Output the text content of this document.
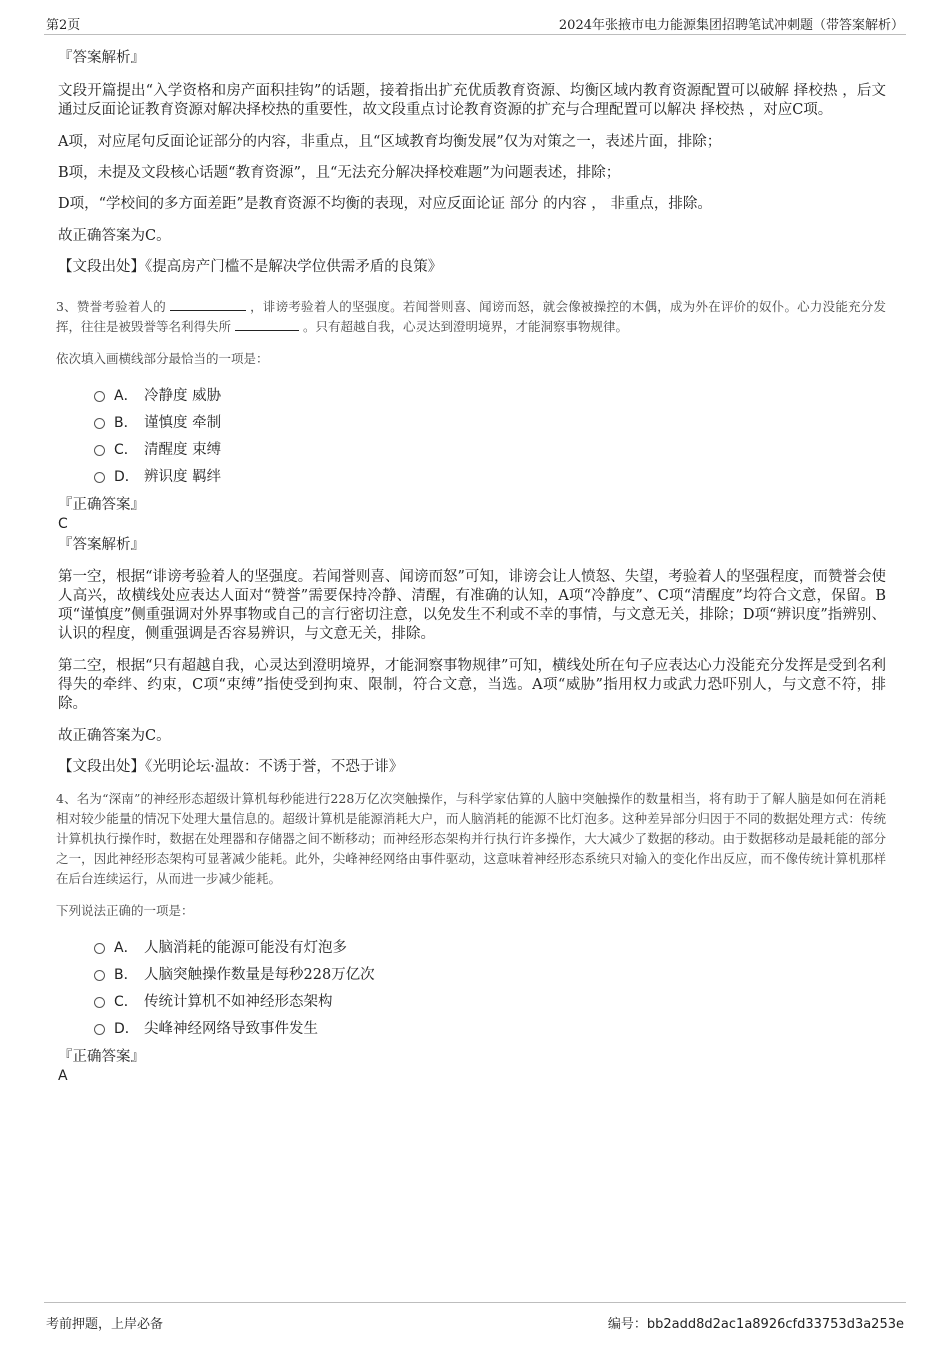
第2页	2024年张掖市电力能源集团招聘笔试冲刺题（带答案解析）
『答案解析』

文段开篇提出“入学资格和房产面积挂钩”的话题，接着指出扩充优质教育资源、均衡区域内教育资源配置可以破解 择校热 ，后文通过反面论证教育资源对解决择校热的重要性，故文段重点讨论教育资源的扩充与合理配置可以解决 择校热 ，对应C项。

A项，对应尾句反面论证部分的内容，非重点，且“区域教育均衡发展”仅为对策之一，表述片面，排除；

B项，未提及文段核心话题“教育资源”，且“无法充分解决择校难题”为问题表述，排除；

D项，“学校间的多方面差距”是教育资源不均衡的表现，对应反面论证 部分 的内容 ， 非重点，排除。

故正确答案为C。

【文段出处】《提高房产门槛不是解决学位供需矛盾的良策》

3、赞誉考验着人的	，诽谤考验着人的坚强度。若闻誉则喜、闻谤而怒，就会像被操控的木偶，成为外在评价的奴仆。心力没能充分发挥，往往是被毁誉等名利得失所	。只有超越自我，心灵达到澄明境界，才能洞察事物规律。

依次填入画横线部分最恰当的一项是：

A． 冷静度 威胁
B． 谨慎度 牵制
C． 清醒度 束缚
D． 辨识度 羁绊
『正确答案』
C
『答案解析』

第一空，根据“诽谤考验着人的坚强度。若闻誉则喜、闻谤而怒”可知，诽谤会让人愤怒、失望，考验着人的坚强程度，而赞誉会使人高兴，故横线处应表达人面对“赞誉”需要保持冷静、清醒，有准确的认知，A项“冷静度”、C项“清醒度”均符合文意，保留。B项“谨慎度”侧重强调对外界事物或自己的言行密切注意，以免发生不利或不幸的事情，与文意无关，排除；D项“辨识度”指辨别、认识的程度，侧重强调是否容易辨识，与文意无关，排除。

第二空，根据“只有超越自我，心灵达到澄明境界，才能洞察事物规律”可知，横线处所在句子应表达心力没能充分发挥是受到名利得失的牵绊、约束，C项“束缚”指使受到拘束、限制，符合文意，当选。A项“威胁”指用权力或武力恐吓别人，与文意不符，排除。

故正确答案为C。

【文段出处】《光明论坛·温故：不诱于誉，不恐于诽》

4、名为“深南”的神经形态超级计算机每秒能进行228万亿次突触操作，与科学家估算的人脑中突触操作的数量相当，将有助于了解人脑是如何在消耗相对较少能量的情况下处理大量信息的。超级计算机是能源消耗大户，而人脑消耗的能源不比灯泡多。这种差异部分归因于不同的数据处理方式：传统计算机执行操作时，数据在处理器和存储器之间不断移动；而神经形态架构并行执行许多操作，大大减少了数据的移动。由于数据移动是最耗能的部分之一，因此神经形态架构可显著减少能耗。此外，尖峰神经网络由事件驱动，这意味着神经形态系统只对输入的变化作出反应，而不像传统计算机那样在后台连续运行，从而进一步减少能耗。

下列说法正确的一项是：

A． 人脑消耗的能源可能没有灯泡多
B． 人脑突触操作数量是每秒228万亿次
C． 传统计算机不如神经形态架构
D． 尖峰神经网络导致事件发生
『正确答案』
A
考前押题，上岸必备	编号：bb2add8d2ac1a8926cfd33753d3a253e
